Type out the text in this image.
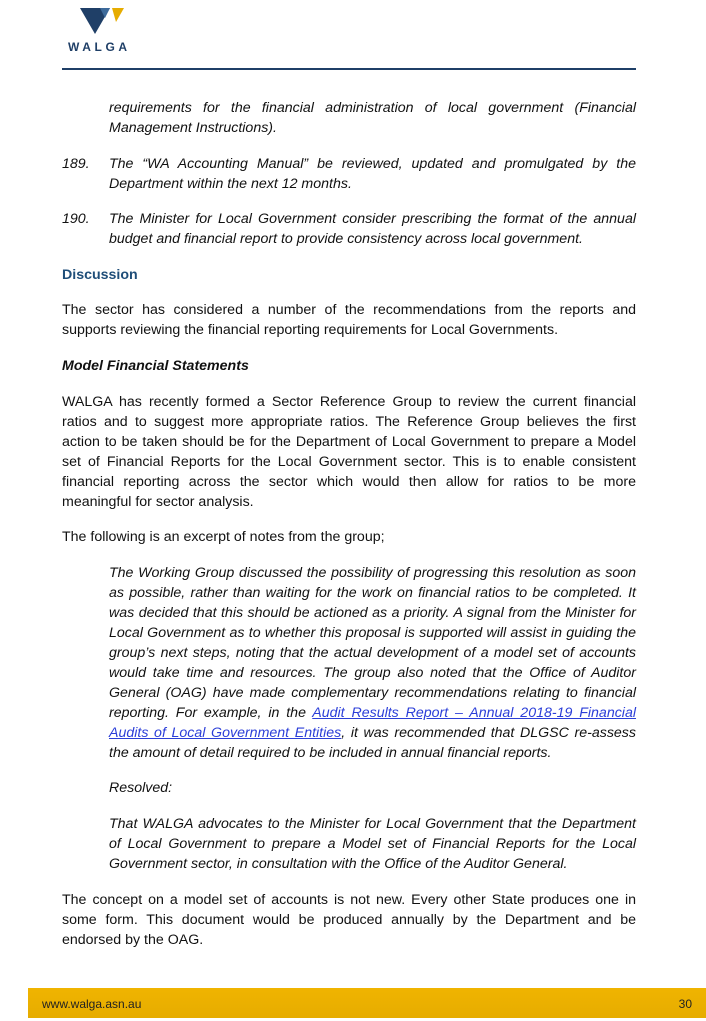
WALGA

requirements for the financial administration of local government (Financial Management Instructions).

189.	The “WA Accounting Manual” be reviewed, updated and promulgated by the Department within the next 12 months.
190.	The Minister for Local Government consider prescribing the format of the annual budget and financial report to provide consistency across local government.

Discussion

The sector has considered a number of the recommendations from the reports and supports reviewing the financial reporting requirements for Local Governments.

Model Financial Statements

WALGA has recently formed a Sector Reference Group to review the current financial ratios and to suggest more appropriate ratios. The Reference Group believes the first action to be taken should be for the Department of Local Government to prepare a Model set of Financial Reports for the Local Government sector. This is to enable consistent financial reporting across the sector which would then allow for ratios to be more meaningful for sector analysis.

The following is an excerpt of notes from the group;

The Working Group discussed the possibility of progressing this resolution as soon as possible, rather than waiting for the work on financial ratios to be completed. It was decided that this should be actioned as a priority. A signal from the Minister for Local Government as to whether this proposal is supported will assist in guiding the group’s next steps, noting that the actual development of a model set of accounts would take time and resources. The group also noted that the Office of Auditor General (OAG) have made complementary recommendations relating to financial reporting. For example, in the Audit Results Report – Annual 2018-19 Financial Audits of Local Government Entities, it was recommended that DLGSC re-assess the amount of detail required to be included in annual financial reports.

Resolved:

That WALGA advocates to the Minister for Local Government that the Department of Local Government to prepare a Model set of Financial Reports for the Local Government sector, in consultation with the Office of the Auditor General.

The concept on a model set of accounts is not new. Every other State produces one in some form. This document would be produced annually by the Department and be endorsed by the OAG.

www.walga.asn.au	30
